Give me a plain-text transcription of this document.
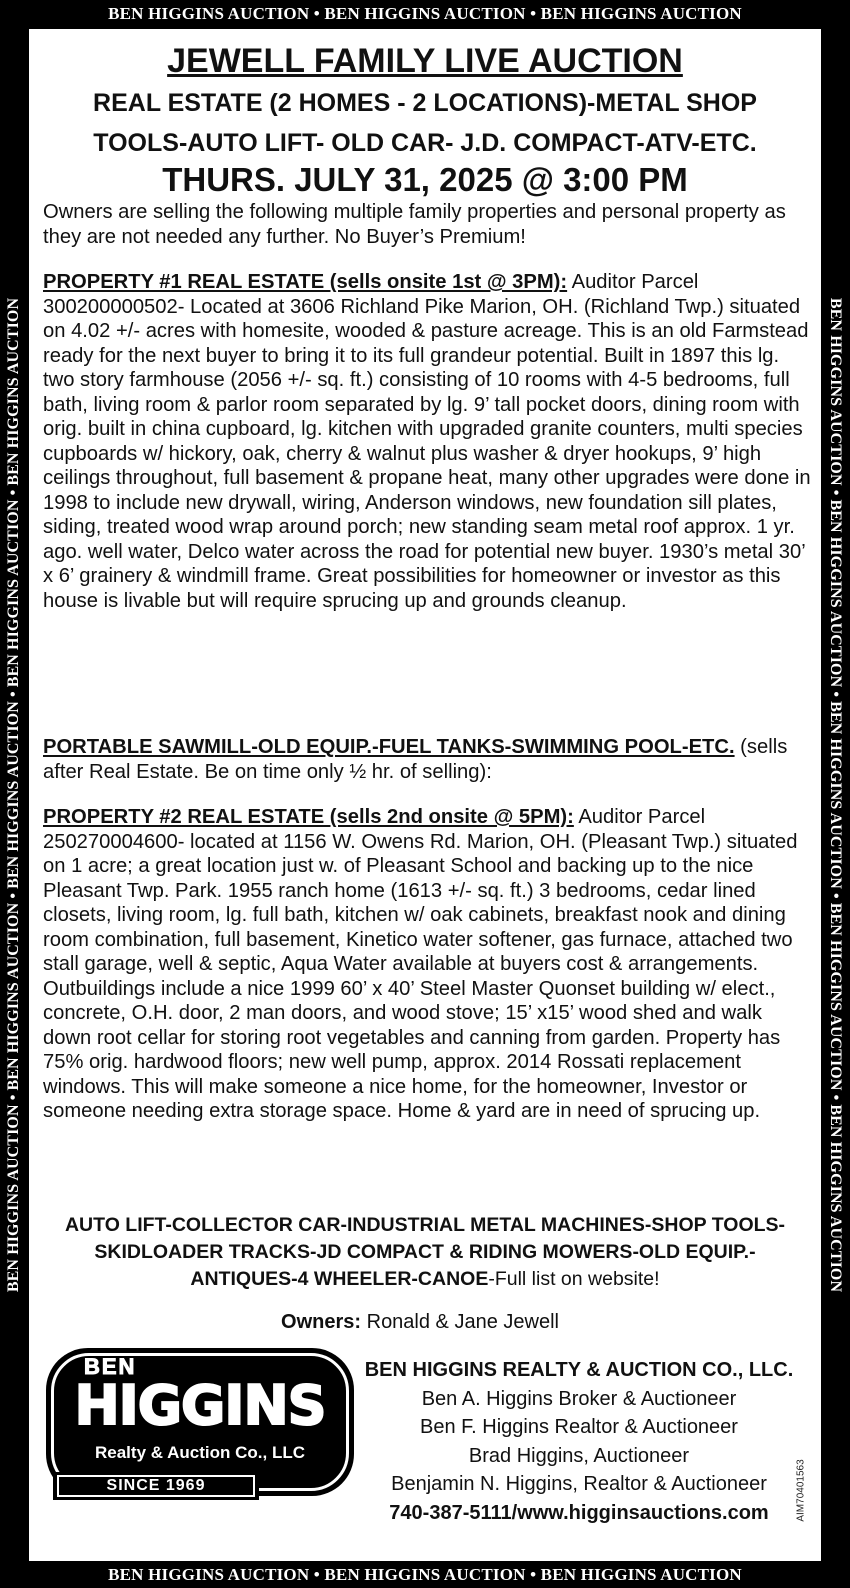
BEN HIGGINS AUCTION • BEN HIGGINS AUCTION • BEN HIGGINS AUCTION
BEN HIGGINS AUCTION • BEN HIGGINS AUCTION • BEN HIGGINS AUCTION • BEN HIGGINS AUCTION • BEN HIGGINS AUCTION	BEN HIGGINS AUCTION • BEN HIGGINS AUCTION • BEN HIGGINS AUCTION • BEN HIGGINS AUCTION • BEN HIGGINS AUCTION
BEN HIGGINS AUCTION • BEN HIGGINS AUCTION • BEN HIGGINS AUCTION
JEWELL FAMILY LIVE AUCTION
REAL ESTATE (2 HOMES - 2 LOCATIONS)-METAL SHOP
TOOLS-AUTO LIFT- OLD CAR- J.D. COMPACT-ATV-ETC.
THURS. JULY 31, 2025 @ 3:00 PM

Owners are selling the following multiple family properties and personal property as they are not needed any further. No Buyer’s Premium!

PROPERTY #1 REAL ESTATE (sells onsite 1st @ 3PM): Auditor Parcel 300200000502- Located at 3606 Richland Pike Marion, OH. (Richland Twp.) situated on 4.02 +/- acres with homesite, wooded & pasture acreage. This is an old Farmstead ready for the next buyer to bring it to its full grandeur potential. Built in 1897 this lg. two story farmhouse (2056 +/- sq. ft.) consisting of 10 rooms with 4-5 bedrooms, full bath, living room & parlor room separated by lg. 9’ tall pocket doors, dining room with orig. built in china cupboard, lg. kitchen with upgraded granite counters, multi species cupboards w/ hickory, oak, cherry & walnut plus washer & dryer hookups, 9’ high ceilings throughout, full basement & propane heat, many other upgrades were done in 1998 to include new drywall, wiring, Anderson windows, new foundation sill plates, siding, treated wood wrap around porch; new standing seam metal roof approx. 1 yr. ago. well water, Delco water across the road for potential new buyer. 1930’s metal 30’ x 6’ grainery & windmill frame. Great possibilities for homeowner or investor as this house is livable but will require sprucing up and grounds cleanup.

PORTABLE SAWMILL-OLD EQUIP.-FUEL TANKS-SWIMMING POOL-ETC. (sells after Real Estate. Be on time only ½ hr. of selling):

PROPERTY #2 REAL ESTATE (sells 2nd onsite @ 5PM): Auditor Parcel 250270004600- located at 1156 W. Owens Rd. Marion, OH. (Pleasant Twp.) situated on 1 acre; a great location just w. of Pleasant School and backing up to the nice Pleasant Twp. Park. 1955 ranch home (1613 +/- sq. ft.) 3 bedrooms, cedar lined closets, living room, lg. full bath, kitchen w/ oak cabinets, breakfast nook and dining room combination, full basement, Kinetico water softener, gas furnace, attached two stall garage, well & septic, Aqua Water available at buyers cost & arrangements. Outbuildings include a nice 1999 60’ x 40’ Steel Master Quonset building w/ elect., concrete, O.H. door, 2 man doors, and wood stove; 15’ x15’ wood shed and walk down root cellar for storing root vegetables and canning from garden. Property has 75% orig. hardwood floors; new well pump, approx. 2014 Rossati replacement windows. This will make someone a nice home, for the homeowner, Investor or someone needing extra storage space. Home & yard are in need of sprucing up.

AUTO LIFT-COLLECTOR CAR-INDUSTRIAL METAL MACHINES-SHOP TOOLS-
SKIDLOADER TRACKS-JD COMPACT & RIDING MOWERS-OLD EQUIP.-
ANTIQUES-4 WHEELER-CANOE-Full list on website!
Owners: Ronald & Jane Jewell
BEN
HIGGINS
Realty & Auction Co., LLC
BEN HIGGINS REALTY & AUCTION CO., LLC.
Ben A. Higgins Broker & Auctioneer
Ben F. Higgins Realtor & Auctioneer
Brad Higgins, Auctioneer
Benjamin N. Higgins, Realtor & Auctioneer
740-387-5111/www.higginsauctions.com	AIM70401563
SINCE 1969
